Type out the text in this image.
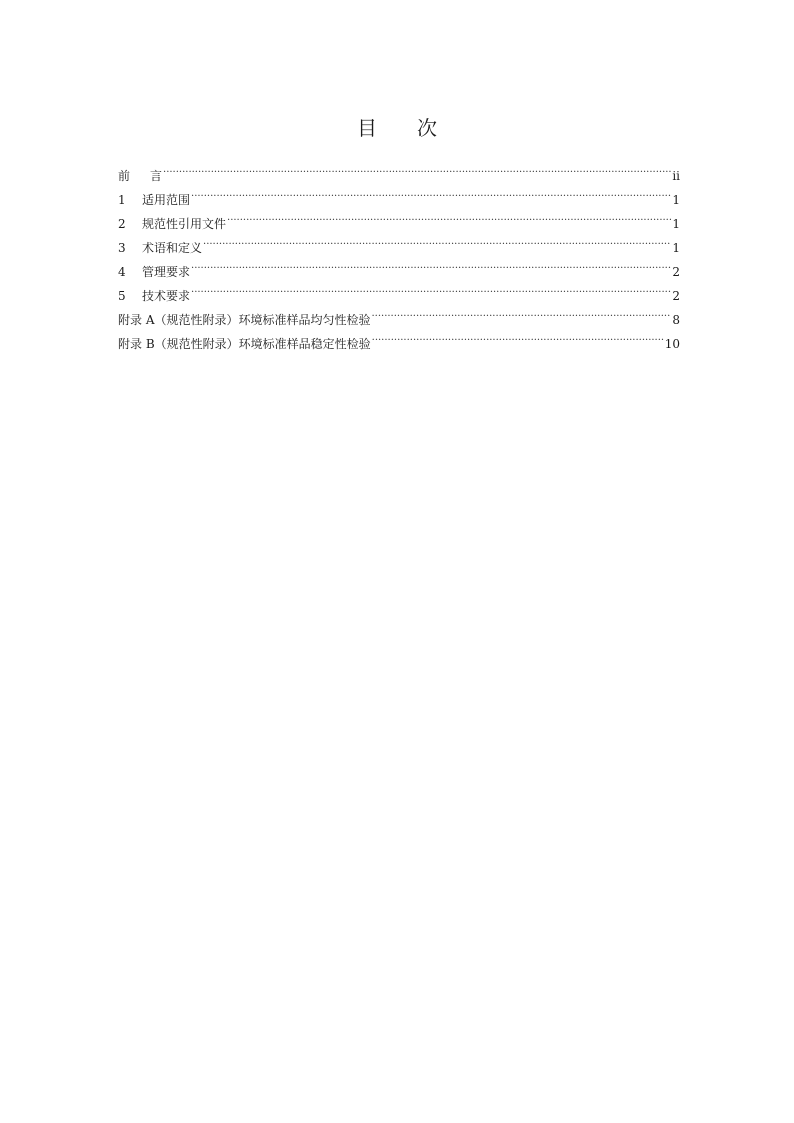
目 次
前	言 .....	ii
1	适用范围 .....	1
2	规范性引用文件 .....	1
3	术语和定义 .....	1
4	管理要求 .....	2
5	技术要求 .....	2
附录 A（规范性附录）环境标准样品均匀性检验 .....	8
附录 B（规范性附录）环境标准样品稳定性检验 .....	10
